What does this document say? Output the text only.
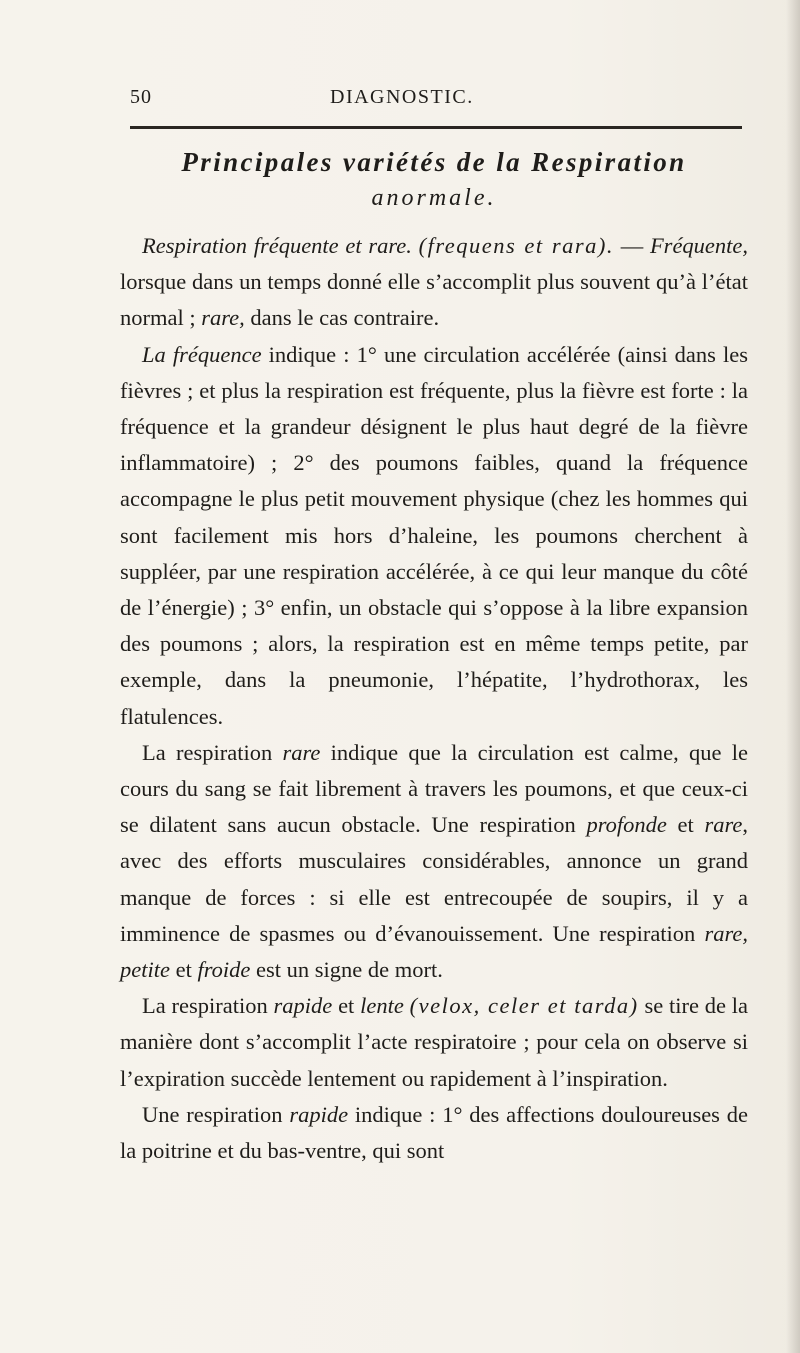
50	DIAGNOSTIC.

Principales variétés de la Respiration

anormale.

Respiration fréquente et rare. (frequens et rara). — Fréquente, lorsque dans un temps donné elle s’accomplit plus souvent qu’à l’état normal ; rare, dans le cas contraire.

La fréquence indique : 1° une circulation accélérée (ainsi dans les fièvres ; et plus la respiration est fréquente, plus la fièvre est forte : la fréquence et la grandeur désignent le plus haut degré de la fièvre inflammatoire) ; 2° des poumons faibles, quand la fréquence accompagne le plus petit mouvement physique (chez les hommes qui sont facilement mis hors d’haleine, les poumons cherchent à suppléer, par une respiration accélérée, à ce qui leur manque du côté de l’énergie) ; 3° enfin, un obstacle qui s’oppose à la libre expansion des poumons ; alors, la respiration est en même temps petite, par exemple, dans la pneumonie, l’hépatite, l’hydrothorax, les flatulences.

La respiration rare indique que la circulation est calme, que le cours du sang se fait librement à travers les poumons, et que ceux-ci se dilatent sans aucun obstacle. Une respiration profonde et rare, avec des efforts musculaires considérables, annonce un grand manque de forces : si elle est entrecoupée de soupirs, il y a imminence de spasmes ou d’évanouissement. Une respiration rare, petite et froide est un signe de mort.

La respiration rapide et lente (velox, celer et tarda) se tire de la manière dont s’accomplit l’acte respiratoire ; pour cela on observe si l’expiration succède lentement ou rapidement à l’inspiration.

Une respiration rapide indique : 1° des affections douloureuses de la poitrine et du bas-ventre, qui sont
